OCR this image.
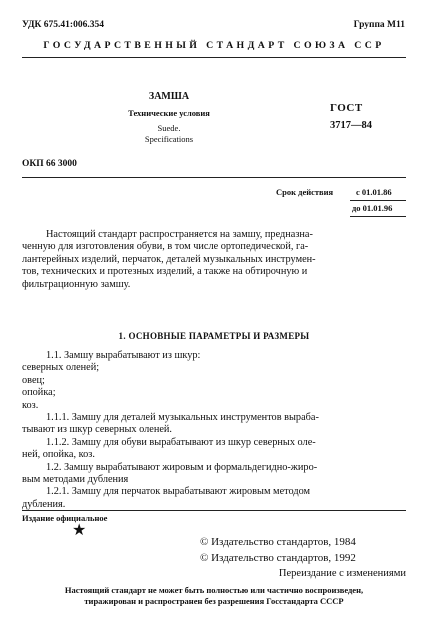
УДК 675.41:006.354	Группа М11
ГОСУДАРСТВЕННЫЙ СТАНДАРТ СОЮЗА ССР
ЗАМША
Технические условия
Suede.
Specifications
ГОСТ
3717—84
ОКП 66 3000
Срок действия	с 01.01.86
до 01.01.96
Настоящий стандарт распространяется на замшу, предназна-
ченную для изготовления обуви, в том числе ортопедической, га-
лантерейных изделий, перчаток, деталей музыкальных инструмен-
тов, технических и протезных изделий, а также на обтирочную и
фильтрационную замшу.
1. ОСНОВНЫЕ ПАРАМЕТРЫ И РАЗМЕРЫ
1.1. Замшу вырабатывают из шкур:
северных оленей;
овец;
опойка;
коз.
1.1.1. Замшу для деталей музыкальных инструментов выраба-
тывают из шкур северных оленей.
1.1.2. Замшу для обуви вырабатывают из шкур северных оле-
ней, опойка, коз.
1.2. Замшу вырабатывают жировым и формальдегидно-жиро-
вым методами дубления
1.2.1. Замшу для перчаток вырабатывают жировым методом
дубления.
Издание официальное
★
© Издательство стандартов, 1984
© Издательство стандартов, 1992
Переиздание с изменениями
Настоящий стандарт не может быть полностью или частично воспроизведен,
тиражирован и распространен без разрешения Госстандарта СССР
